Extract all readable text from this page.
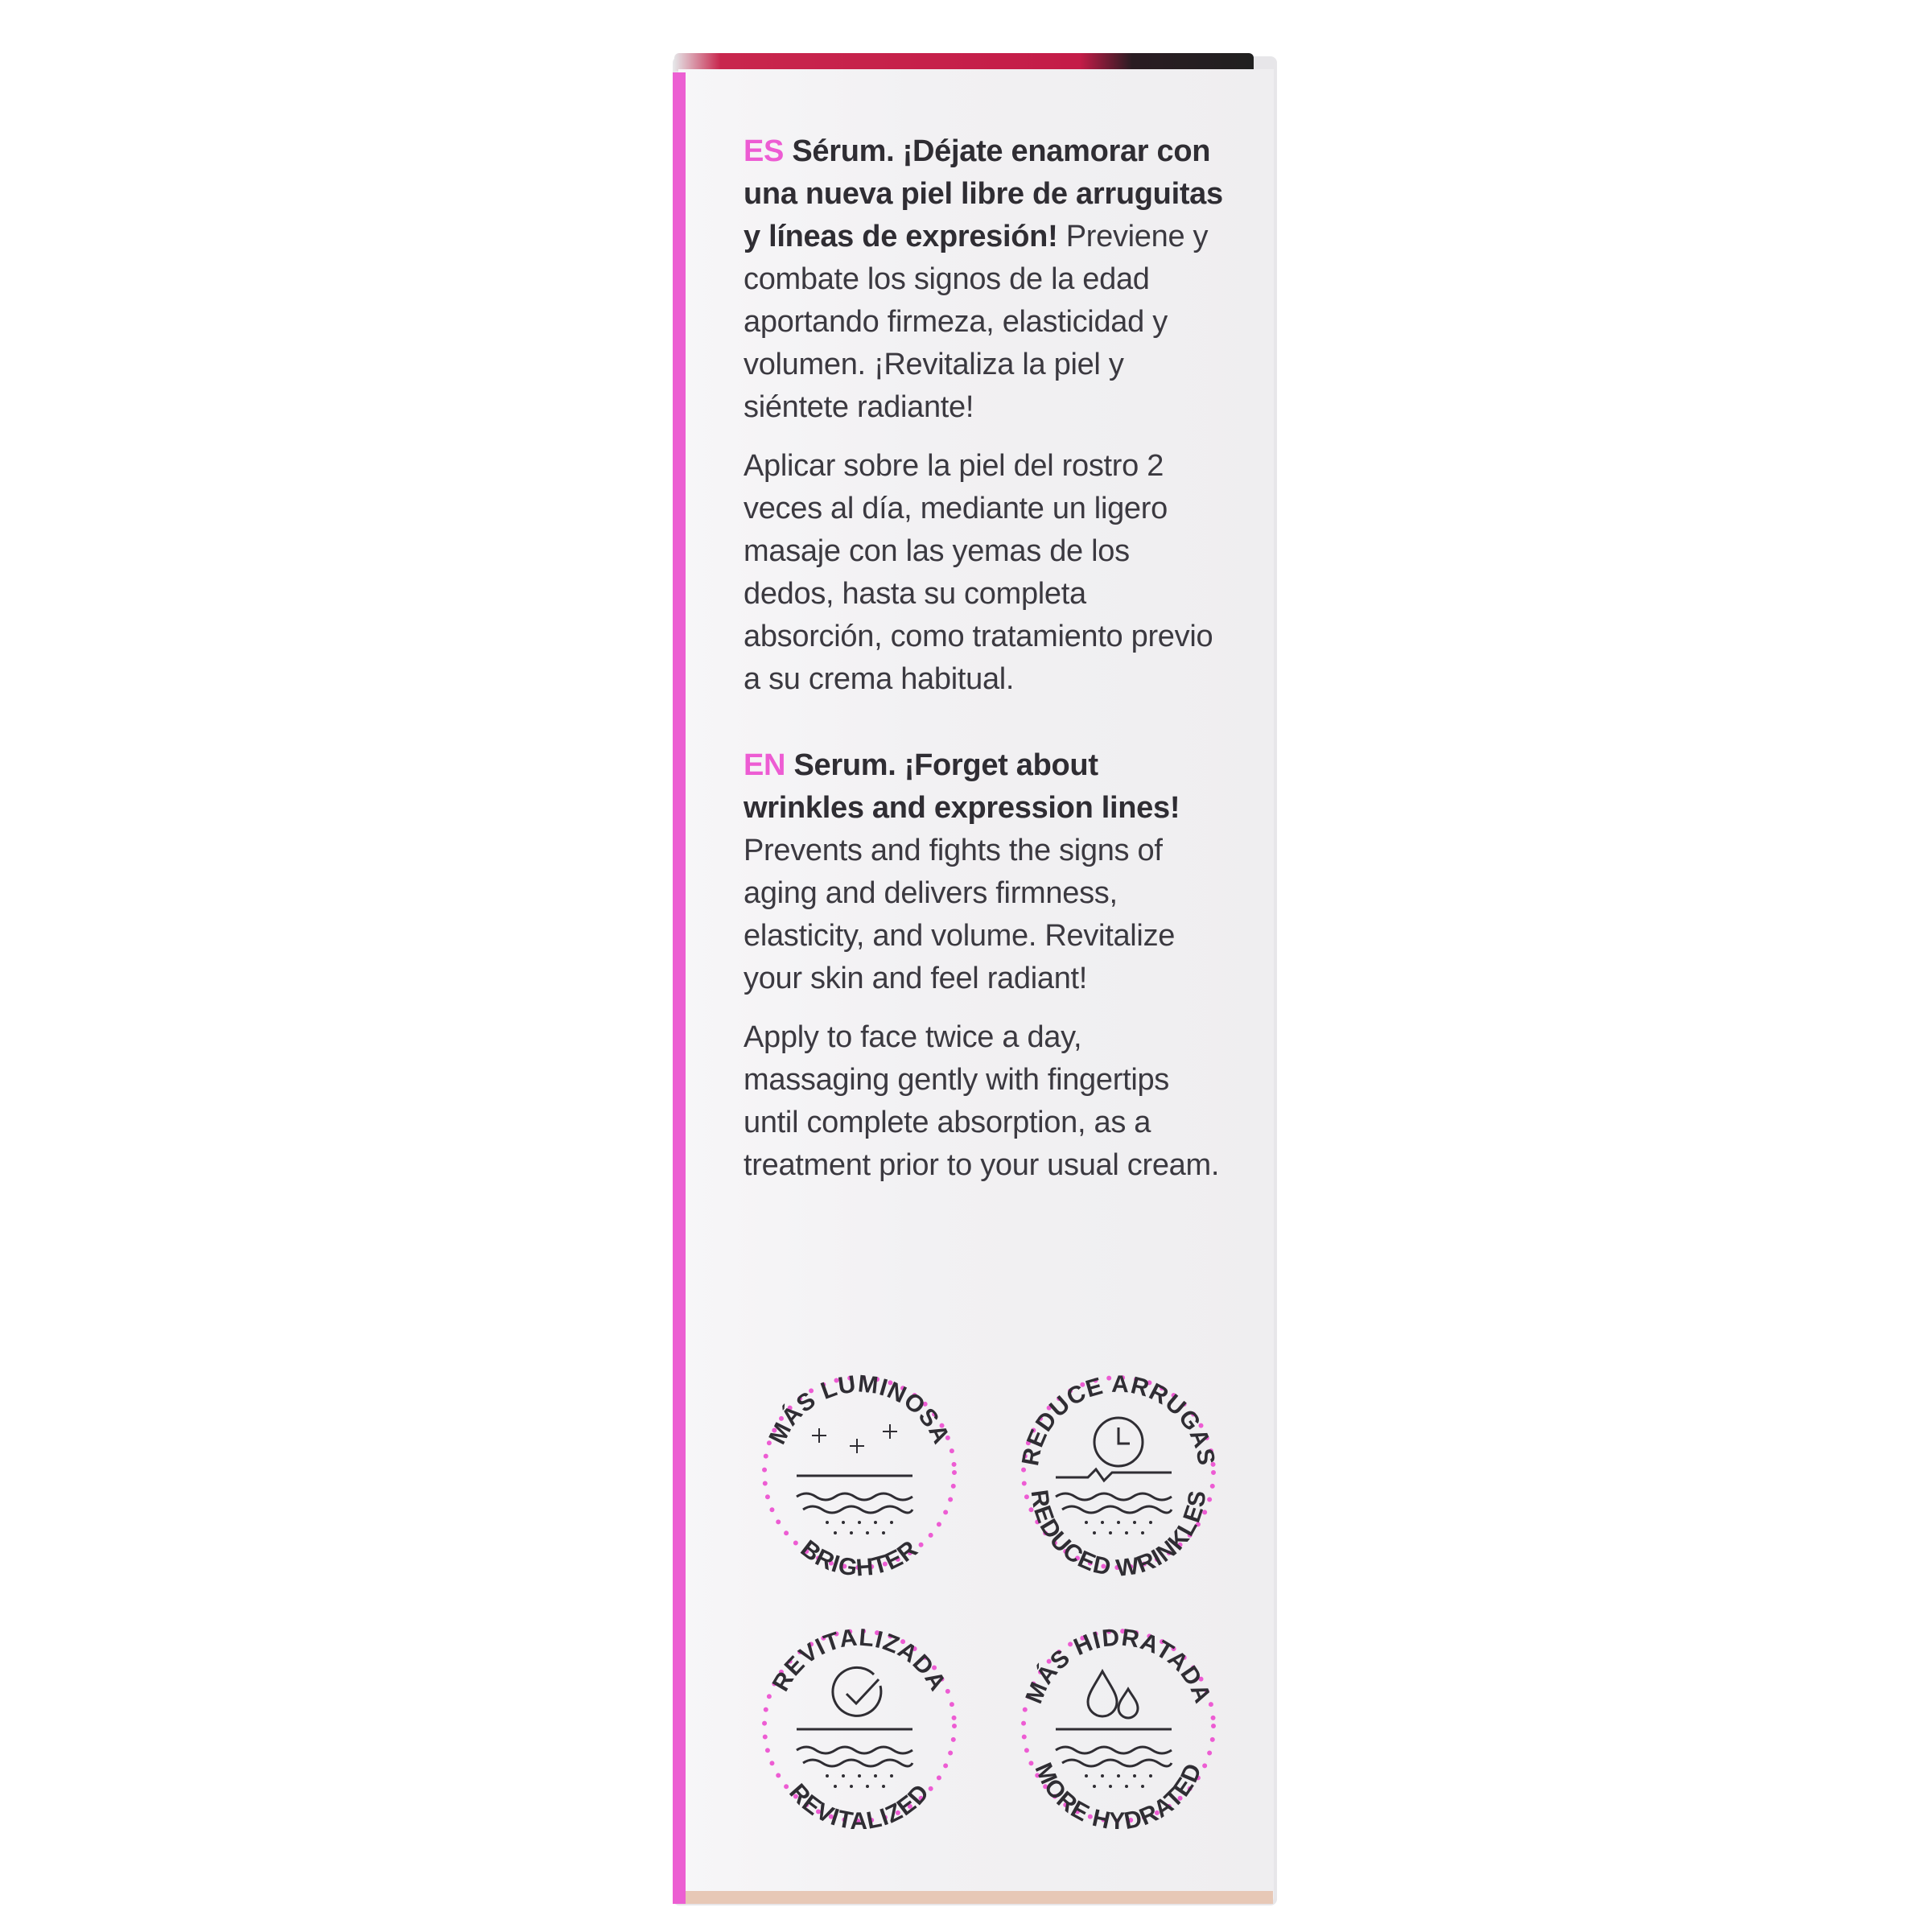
ES Sérum. ¡Déjate enamorar con una nueva piel libre de arruguitas y líneas de expresión! Previene y combate los signos de la edad aportando firmeza, elasticidad y volumen. ¡Revitaliza la piel y siéntete radiante!

Aplicar sobre la piel del rostro 2 veces al día, mediante un ligero masaje con las yemas de los dedos, hasta su completa absorción, como tratamiento previo a su crema habitual.

EN Serum. ¡Forget about wrinkles and expression lines! Prevents and fights the signs of aging and delivers firmness, elasticity, and volume. Revitalize your skin and feel radiant!

Apply to face twice a day, massaging gently with fingertips until complete absorption, as a treatment prior to your usual cream.

MÁS LUMINOSA
BRIGHTER
REDUCE ARRUGAS
REDUCED WRINKLES
REVITALIZADA
REVITALIZED
MÁS HIDRATADA
MORE HYDRATED
